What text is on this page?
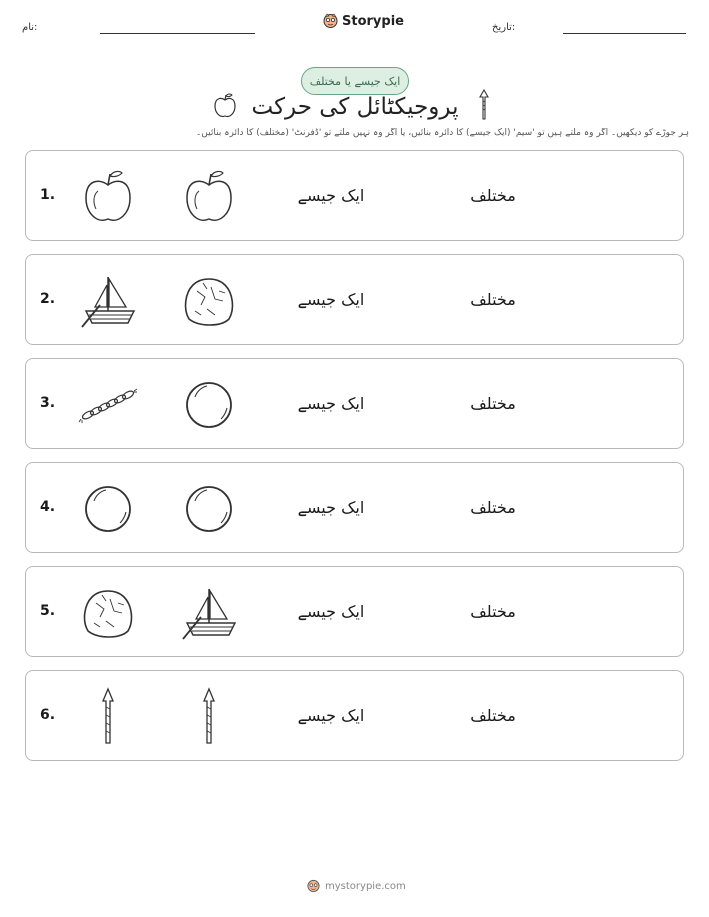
نام:	Storypie	تاریخ:
ایک جیسے یا مختلف
پروجیکٹائل کی حرکت
ہر جوڑے کو دیکھیں۔ اگر وہ ملتے ہیں تو 'سیم' (ایک جیسے) کا دائرہ بنائیں، یا اگر وہ نہیں ملتے تو 'ڈفرنٹ' (مختلف) کا دائرہ بنائیں۔
1.	ایک جیسے	مختلف
2.	ایک جیسے	مختلف
3.	ایک جیسے	مختلف
4.	ایک جیسے	مختلف
5.	ایک جیسے	مختلف
6.	ایک جیسے	مختلف
mystorypie.com
